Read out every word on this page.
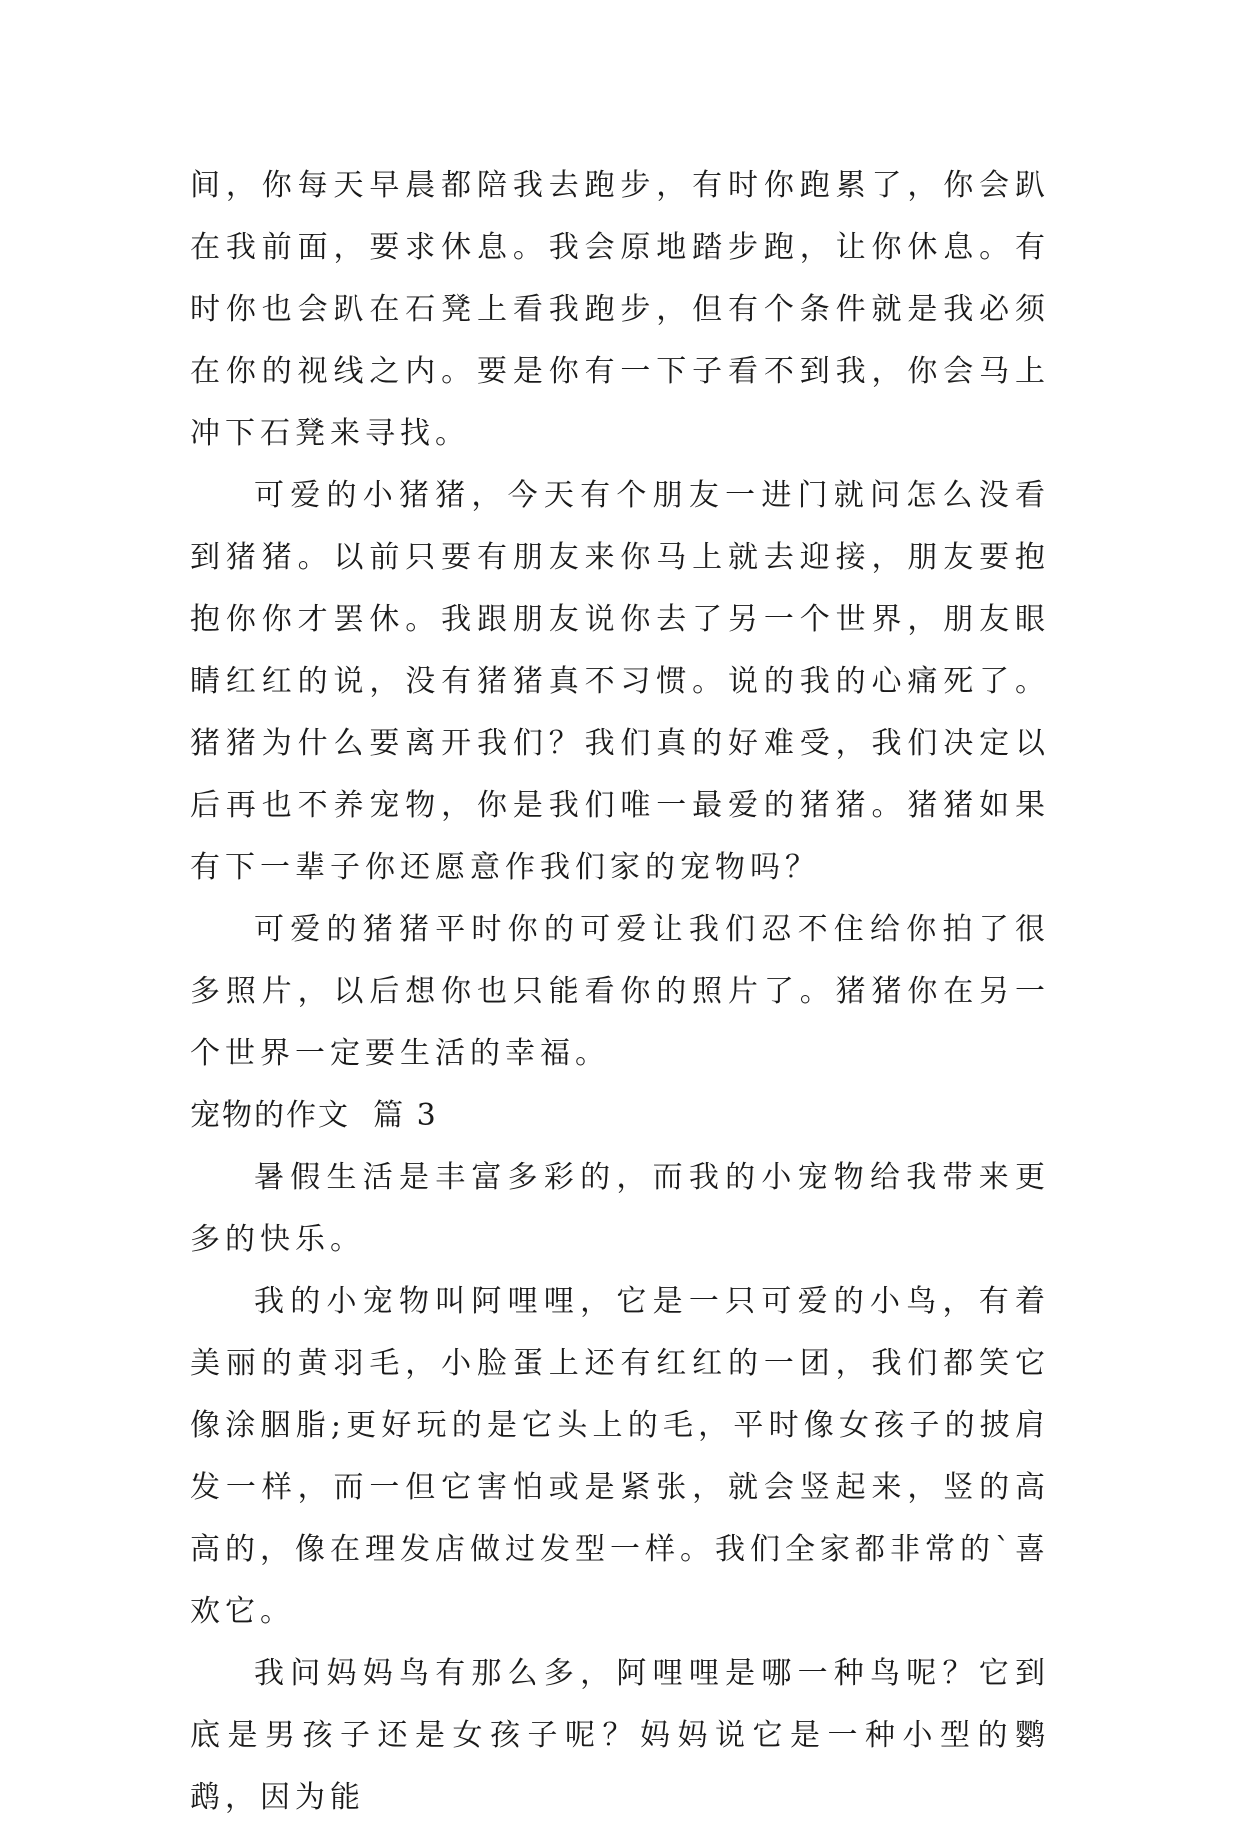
间，你每天早晨都陪我去跑步，有时你跑累了，你会趴在我前面，要求休息。我会原地踏步跑，让你休息。有时你也会趴在石凳上看我跑步，但有个条件就是我必须在你的视线之内。要是你有一下子看不到我，你会马上冲下石凳来寻找。

可爱的小猪猪，今天有个朋友一进门就问怎么没看到猪猪。以前只要有朋友来你马上就去迎接，朋友要抱抱你你才罢休。我跟朋友说你去了另一个世界，朋友眼睛红红的说，没有猪猪真不习惯。说的我的心痛死了。猪猪为什么要离开我们？我们真的好难受，我们决定以后再也不养宠物，你是我们唯一最爱的猪猪。猪猪如果有下一辈子你还愿意作我们家的宠物吗？

可爱的猪猪平时你的可爱让我们忍不住给你拍了很多照片，以后想你也只能看你的照片了。猪猪你在另一个世界一定要生活的幸福。

宠物的作文  篇 3

暑假生活是丰富多彩的，而我的小宠物给我带来更多的快乐。

我的小宠物叫阿哩哩，它是一只可爱的小鸟，有着美丽的黄羽毛，小脸蛋上还有红红的一团，我们都笑它像涂胭脂;更好玩的是它头上的毛，平时像女孩子的披肩发一样，而一但它害怕或是紧张，就会竖起来，竖的高高的，像在理发店做过发型一样。我们全家都非常的`喜欢它。

我问妈妈鸟有那么多，阿哩哩是哪一种鸟呢？它到底是男孩子还是女孩子呢？妈妈说它是一种小型的鹦鹉，因为能
